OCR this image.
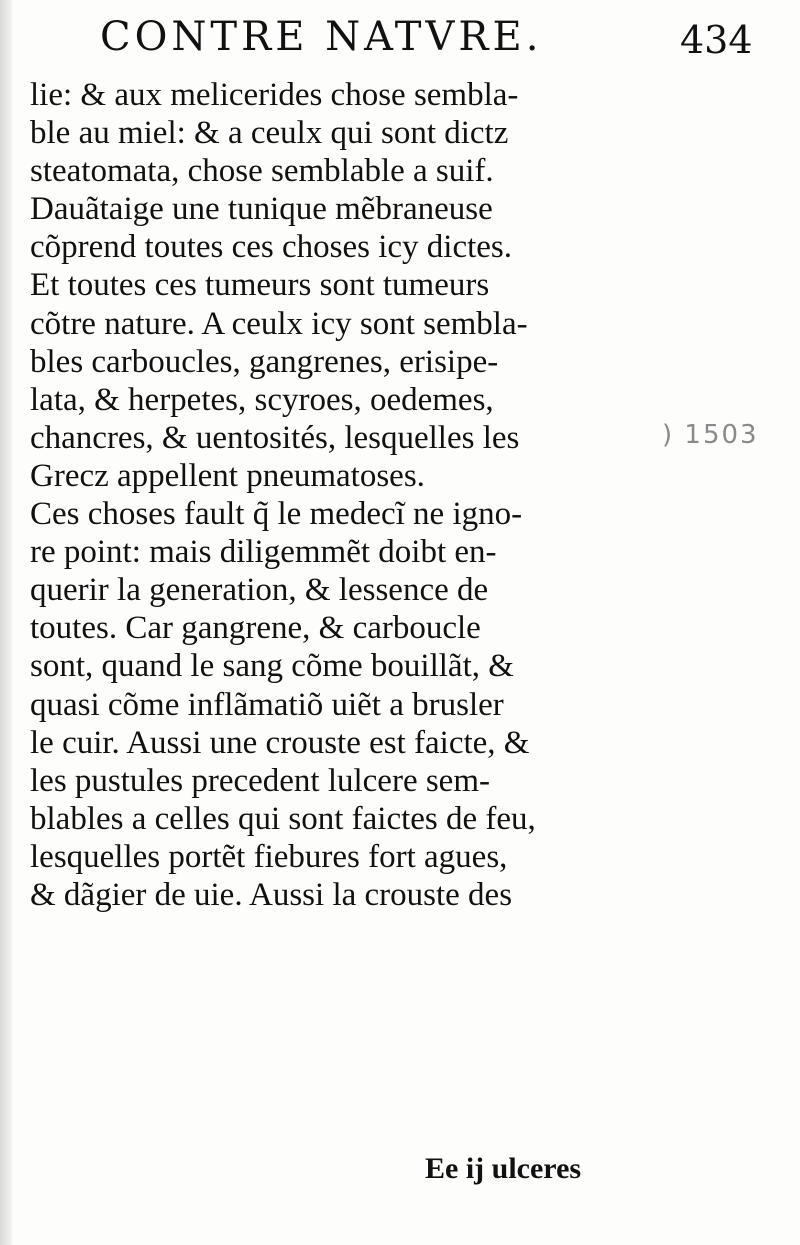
CONTRE NATVRE.	434
lie: & aux melicerides chose sembla-
ble au miel: & a ceulx qui sont dictz
steatomata, chose semblable a suif.
Dauãtaige une tunique mẽbraneuse
cõprend toutes ces choses icy dictes.
Et toutes ces tumeurs sont tumeurs
cõtre nature. A ceulx icy sont sembla-
bles carboucles, gangrenes, erisipe-
lata, & herpetes, scyroes, oedemes,
chancres, & uentosités, lesquelles les
Grecz appellent pneumatoses.
Ces choses fault q̃ le medecĩ ne igno-
re point: mais diligemmẽt doibt en-
querir la generation, & lessence de
toutes. Car gangrene, & carboucle
sont, quand le sang cõme bouillãt, &
quasi cõme inflãmatiõ uiẽt a brusler
le cuir. Aussi une crouste est faicte, &
les pustules precedent lulcere sem-
blables a celles qui sont faictes de feu,
lesquelles portẽt fiebures fort agues,
& dãgier de uie. Aussi la crouste des
) 1503
Ee ij ulceres
